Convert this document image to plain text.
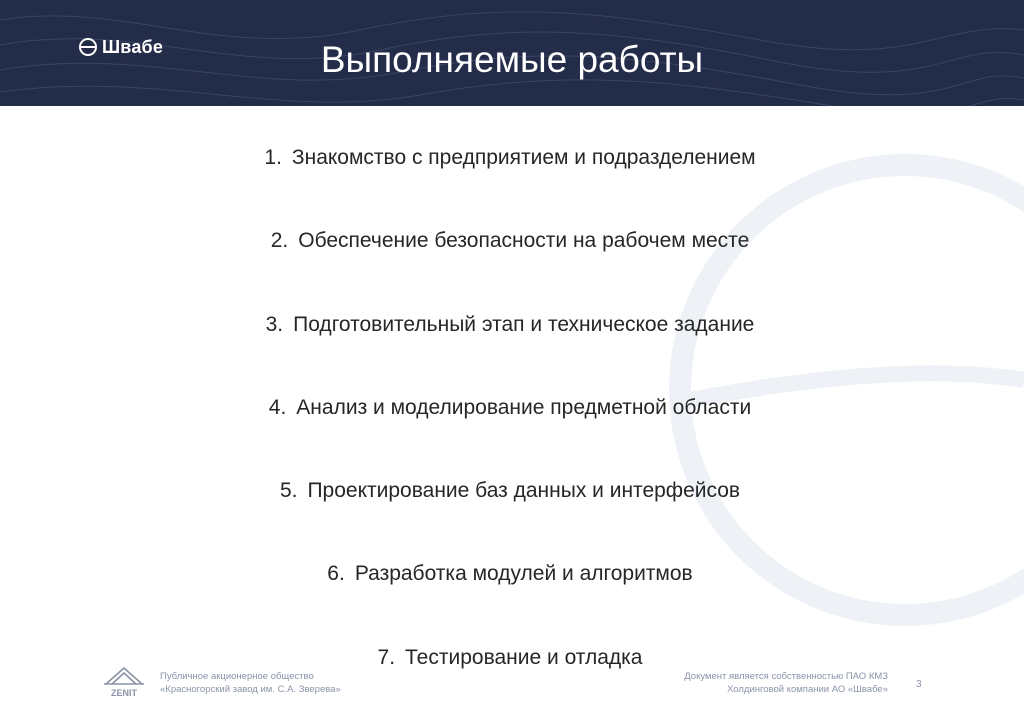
Швабе	Выполняемые работы
1. Знакомство с предприятием и подразделением
2. Обеспечение безопасности на рабочем месте
3. Подготовительный этап и техническое задание
4. Анализ и моделирование предметной области
5. Проектирование баз данных и интерфейсов
6. Разработка модулей и алгоритмов
7. Тестирование и отладка
ZENIT
Публичное акционерное общество
«Красногорский завод им. С.А. Зверева»
Документ является собственностью ПАО КМЗ
Холдинговой компании АО «Швабе»	3
